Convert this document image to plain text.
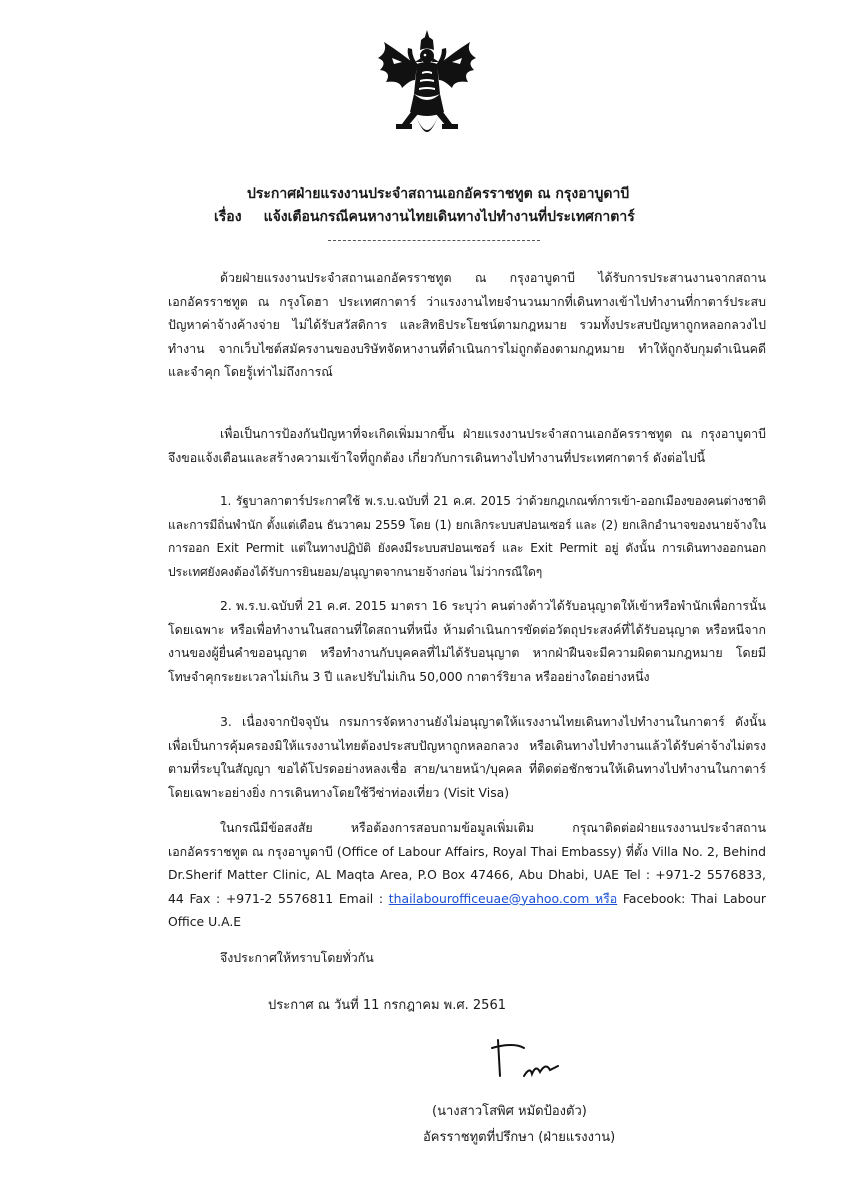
ประกาศฝ่ายแรงงานประจำสถานเอกอัครราชทูต ณ กรุงอาบูดาบี
เรื่อง แจ้งเตือนกรณีคนหางานไทยเดินทางไปทำงานที่ประเทศกาตาร์
ด้วยฝ่ายแรงงานประจำสถานเอกอัครราชทูต ณ กรุงอาบูดาบี ได้รับการประสานงานจากสถานเอกอัครราชทูต ณ กรุงโดฮา ประเทศกาตาร์ ว่าแรงงานไทยจำนวนมากที่เดินทางเข้าไปทำงานที่กาตาร์ประสบปัญหาค่าจ้างค้างจ่าย ไม่ได้รับสวัสดิการ และสิทธิประโยชน์ตามกฎหมาย รวมทั้งประสบปัญหาถูกหลอกลวงไปทำงาน จากเว็บไซต์สมัครงานของบริษัทจัดหางานที่ดำเนินการไม่ถูกต้องตามกฎหมาย ทำให้ถูกจับกุมดำเนินคดี และจำคุก โดยรู้เท่าไม่ถึงการณ์
เพื่อเป็นการป้องกันปัญหาที่จะเกิดเพิ่มมากขึ้น ฝ่ายแรงงานประจำสถานเอกอัครราชทูต ณ กรุงอาบูดาบี จึงขอแจ้งเตือนและสร้างความเข้าใจที่ถูกต้อง เกี่ยวกับการเดินทางไปทำงานที่ประเทศกาตาร์ ดังต่อไปนี้
1. รัฐบาลกาตาร์ประกาศใช้ พ.ร.บ.ฉบับที่ 21 ค.ศ. 2015 ว่าด้วยกฎเกณฑ์การเข้า-ออกเมืองของคนต่างชาติ และการมีถิ่นพำนัก ตั้งแต่เดือน ธันวาคม 2559 โดย (1) ยกเลิกระบบสปอนเซอร์ และ (2) ยกเลิกอำนาจของนายจ้างในการออก Exit Permit แต่ในทางปฏิบัติ ยังคงมีระบบสปอนเซอร์ และ Exit Permit อยู่ ดังนั้น การเดินทางออกนอกประเทศยังคงต้องได้รับการยินยอม/อนุญาตจากนายจ้างก่อน ไม่ว่ากรณีใดๆ
2. พ.ร.บ.ฉบับที่ 21 ค.ศ. 2015 มาตรา 16 ระบุว่า คนต่างด้าวได้รับอนุญาตให้เข้าหรือพำนักเพื่อการนั้นโดยเฉพาะ หรือเพื่อทำงานในสถานที่ใดสถานที่หนึ่ง ห้ามดำเนินการขัดต่อวัตถุประสงค์ที่ได้รับอนุญาต หรือหนีจากงานของผู้ยื่นคำขออนุญาต หรือทำงานกับบุคคลที่ไม่ได้รับอนุญาต หากฝ่าฝืนจะมีความผิดตามกฎหมาย โดยมีโทษจำคุกระยะเวลาไม่เกิน 3 ปี และปรับไม่เกิน 50,000 กาตาร์ริยาล หรืออย่างใดอย่างหนึ่ง
3. เนื่องจากปัจจุบัน กรมการจัดหางานยังไม่อนุญาตให้แรงงานไทยเดินทางไปทำงานในกาตาร์ ดังนั้น เพื่อเป็นการคุ้มครองมิให้แรงงานไทยต้องประสบปัญหาถูกหลอกลวง หรือเดินทางไปทำงานแล้วได้รับค่าจ้างไม่ตรงตามที่ระบุในสัญญา ขอได้โปรดอย่างหลงเชื่อ สาย/นายหน้า/บุคคล ที่ติดต่อชักชวนให้เดินทางไปทำงานในกาตาร์ โดยเฉพาะอย่างยิ่ง การเดินทางโดยใช้วีซ่าท่องเที่ยว (Visit Visa)
ในกรณีมีข้อสงสัย หรือต้องการสอบถามข้อมูลเพิ่มเติม กรุณาติดต่อฝ่ายแรงงานประจำสถานเอกอัครราชทูต ณ กรุงอาบูดาบี (Office of Labour Affairs, Royal Thai Embassy) ที่ตั้ง Villa No. 2, Behind Dr.Sherif Matter Clinic, AL Maqta Area, P.O Box 47466, Abu Dhabi, UAE Tel : +971-2 5576833, 44 Fax : +971-2 5576811 Email : thailabourofficeuae@yahoo.com หรือ Facebook: Thai Labour Office U.A.E
จึงประกาศให้ทราบโดยทั่วกัน
ประกาศ ณ วันที่ 11 กรกฎาคม พ.ศ. 2561
(นางสาวโสพิศ หมัดป้องตัว)
อัครราชทูตที่ปรึกษา (ฝ่ายแรงงาน)
